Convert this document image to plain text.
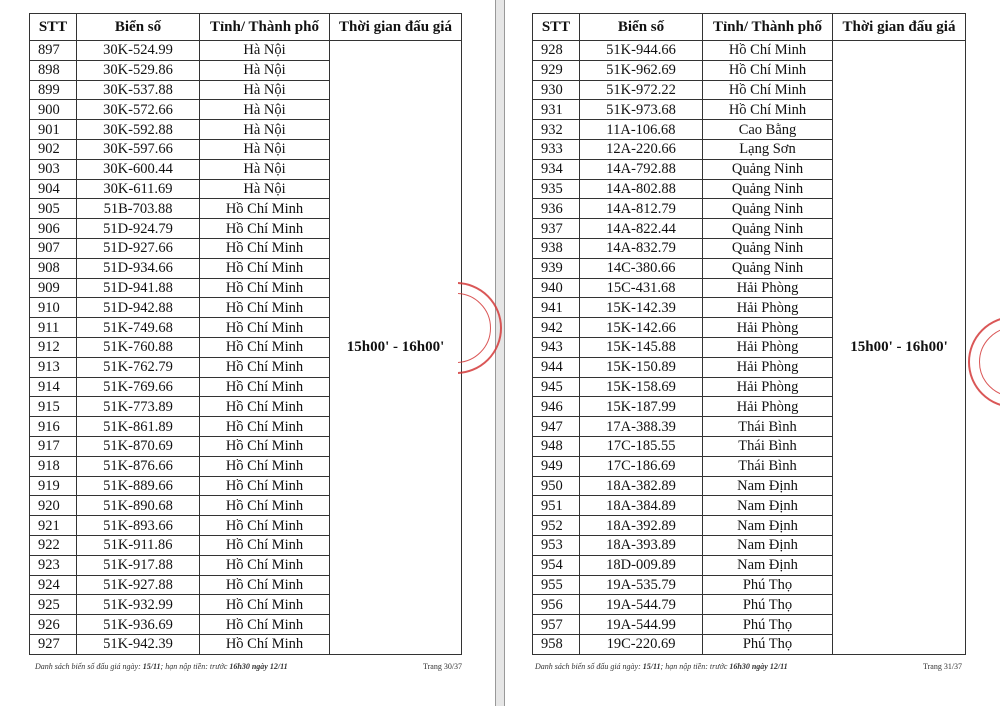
STT	Biển số	Tỉnh/ Thành phố	Thời gian đấu giá
897	30K-524.99	Hà Nội	15h00' - 16h00'
898	30K-529.86	Hà Nội	
899	30K-537.88	Hà Nội	
900	30K-572.66	Hà Nội	
901	30K-592.88	Hà Nội	
902	30K-597.66	Hà Nội	
903	30K-600.44	Hà Nội	
904	30K-611.69	Hà Nội	
905	51B-703.88	Hồ Chí Minh	
906	51D-924.79	Hồ Chí Minh	
907	51D-927.66	Hồ Chí Minh	
908	51D-934.66	Hồ Chí Minh	
909	51D-941.88	Hồ Chí Minh	
910	51D-942.88	Hồ Chí Minh	
911	51K-749.68	Hồ Chí Minh	
912	51K-760.88	Hồ Chí Minh	
913	51K-762.79	Hồ Chí Minh	
914	51K-769.66	Hồ Chí Minh	
915	51K-773.89	Hồ Chí Minh	
916	51K-861.89	Hồ Chí Minh	
917	51K-870.69	Hồ Chí Minh	
918	51K-876.66	Hồ Chí Minh	
919	51K-889.66	Hồ Chí Minh	
920	51K-890.68	Hồ Chí Minh	
921	51K-893.66	Hồ Chí Minh	
922	51K-911.86	Hồ Chí Minh	
923	51K-917.88	Hồ Chí Minh	
924	51K-927.88	Hồ Chí Minh	
925	51K-932.99	Hồ Chí Minh	
926	51K-936.69	Hồ Chí Minh	
927	51K-942.39	Hồ Chí Minh	
Danh sách biển số đấu giá ngày: 15/11; hạn nộp tiền: trước 16h30 ngày 12/11	Trang 30/37
STT	Biển số	Tỉnh/ Thành phố	Thời gian đấu giá
928	51K-944.66	Hồ Chí Minh	15h00' - 16h00'
929	51K-962.69	Hồ Chí Minh	
930	51K-972.22	Hồ Chí Minh	
931	51K-973.68	Hồ Chí Minh	
932	11A-106.68	Cao Bằng	
933	12A-220.66	Lạng Sơn	
934	14A-792.88	Quảng Ninh	
935	14A-802.88	Quảng Ninh	
936	14A-812.79	Quảng Ninh	
937	14A-822.44	Quảng Ninh	
938	14A-832.79	Quảng Ninh	
939	14C-380.66	Quảng Ninh	
940	15C-431.68	Hải Phòng	
941	15K-142.39	Hải Phòng	
942	15K-142.66	Hải Phòng	
943	15K-145.88	Hải Phòng	
944	15K-150.89	Hải Phòng	
945	15K-158.69	Hải Phòng	
946	15K-187.99	Hải Phòng	
947	17A-388.39	Thái Bình	
948	17C-185.55	Thái Bình	
949	17C-186.69	Thái Bình	
950	18A-382.89	Nam Định	
951	18A-384.89	Nam Định	
952	18A-392.89	Nam Định	
953	18A-393.89	Nam Định	
954	18D-009.89	Nam Định	
955	19A-535.79	Phú Thọ	
956	19A-544.79	Phú Thọ	
957	19A-544.99	Phú Thọ	
958	19C-220.69	Phú Thọ	
Danh sách biển số đấu giá ngày: 15/11; hạn nộp tiền: trước 16h30 ngày 12/11	Trang 31/37
